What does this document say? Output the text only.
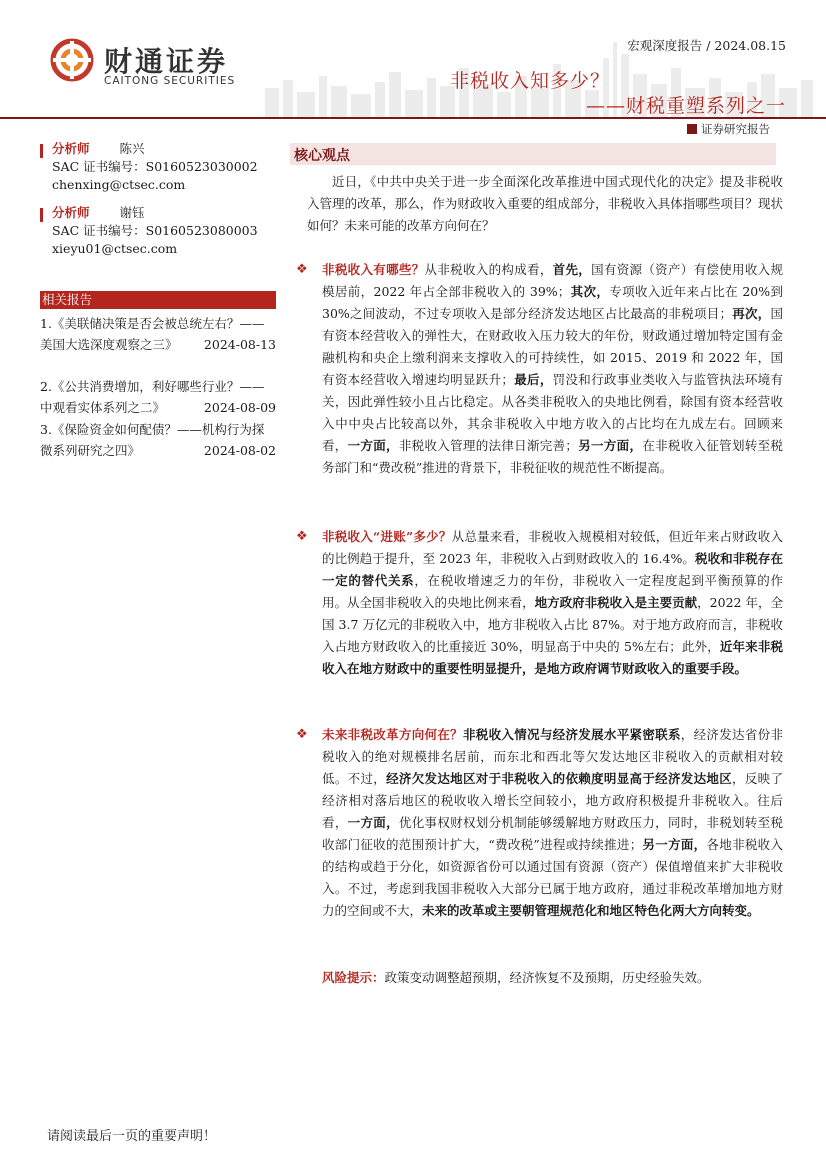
财通证券
CAITONG SECURITIES
宏观深度报告 / 2024.08.15
非税收入知多少？
——财税重塑系列之一
证券研究报告
分析师 陈兴
SAC 证书编号：S0160523030002
chenxing@ctsec.com
分析师 谢钰
SAC 证书编号：S0160523080003
xieyu01@ctsec.com
相关报告
1.《美联储决策是否会被总统左右？——美国大选深度观察之三》 2024-08-13
2.《公共消费增加，利好哪些行业？——中观看实体系列之二》	2024-08-09
3.《保险资金如何配债？——机构行为探微系列研究之四》	2024-08-02
核心观点
近日，《中共中央关于进一步全面深化改革推进中国式现代化的决定》提及非税收入管理的改革，那么，作为财政收入重要的组成部分，非税收入具体指哪些项目？现状如何？未来可能的改革方向何在？
❖ 非税收入有哪些？从非税收入的构成看，首先，国有资源（资产）有偿使用收入规模居前，2022 年占全部非税收入的 39%；其次，专项收入近年来占比在 20%到 30%之间波动，不过专项收入是部分经济发达地区占比最高的非税项目；再次，国有资本经营收入的弹性大，在财政收入压力较大的年份，财政通过增加特定国有金融机构和央企上缴利润来支撑收入的可持续性，如 2015、2019 和 2022 年，国有资本经营收入增速均明显跃升；最后，罚没和行政事业类收入与监管执法环境有关，因此弹性较小且占比稳定。从各类非税收入的央地比例看，除国有资本经营收入中中央占比较高以外，其余非税收入中地方收入的占比均在九成左右。回顾来看，一方面，非税收入管理的法律日渐完善；另一方面，在非税收入征管划转至税务部门和“费改税”推进的背景下，非税征收的规范性不断提高。
❖ 非税收入“进账”多少？从总量来看，非税收入规模相对较低，但近年来占财政收入的比例趋于提升，至 2023 年，非税收入占到财政收入的 16.4%。税收和非税存在一定的替代关系，在税收增速乏力的年份，非税收入一定程度起到平衡预算的作用。从全国非税收入的央地比例来看，地方政府非税收入是主要贡献，2022 年，全国 3.7 万亿元的非税收入中，地方非税收入占比 87%。对于地方政府而言，非税收入占地方财政收入的比重接近 30%，明显高于中央的 5%左右；此外，近年来非税收入在地方财政中的重要性明显提升，是地方政府调节财政收入的重要手段。
❖ 未来非税改革方向何在？非税收入情况与经济发展水平紧密联系，经济发达省份非税收入的绝对规模排名居前，而东北和西北等欠发达地区非税收入的贡献相对较低。不过，经济欠发达地区对于非税收入的依赖度明显高于经济发达地区，反映了经济相对落后地区的税收收入增长空间较小，地方政府积极提升非税收入。往后看，一方面，优化事权财权划分机制能够缓解地方财政压力，同时，非税划转至税收部门征收的范围预计扩大，“费改税”进程或持续推进；另一方面，各地非税收入的结构或趋于分化，如资源省份可以通过国有资源（资产）保值增值来扩大非税收入。不过，考虑到我国非税收入大部分已属于地方政府，通过非税改革增加地方财力的空间或不大，未来的改革或主要朝管理规范化和地区特色化两大方向转变。
风险提示：政策变动调整超预期，经济恢复不及预期，历史经验失效。
请阅读最后一页的重要声明！
